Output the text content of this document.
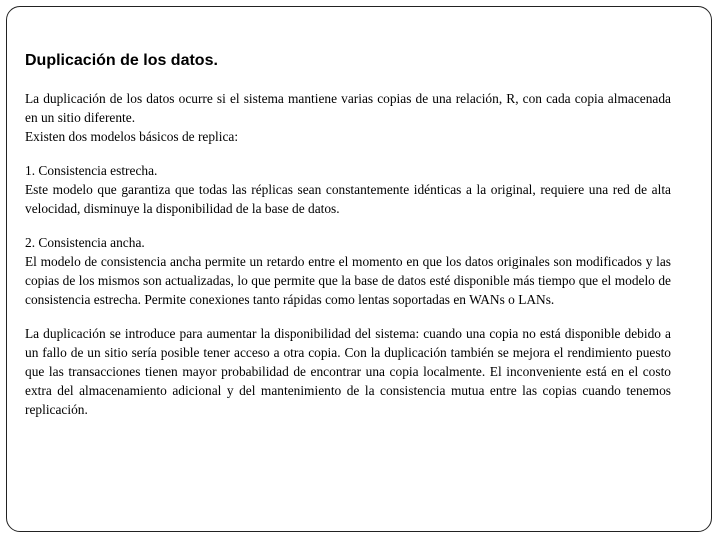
Duplicación de los datos.

La duplicación de los datos ocurre si el sistema mantiene varias copias de una relación, R, con cada copia almacenada en un sitio diferente.

Existen dos modelos básicos de replica:

1. Consistencia estrecha.

Este modelo que garantiza que todas las réplicas sean constantemente idénticas a la original, requiere una red de alta velocidad, disminuye la disponibilidad de la base de datos.

2. Consistencia ancha.

El modelo de consistencia ancha permite un retardo entre el momento en que los datos originales son modificados y las copias de los mismos son actualizadas, lo que permite que la base de datos esté disponible más tiempo que el modelo de consistencia estrecha. Permite conexiones tanto rápidas como lentas soportadas en WANs o LANs.

La duplicación se introduce para aumentar la disponibilidad del sistema: cuando una copia no está disponible debido a un fallo de un sitio sería posible tener acceso a otra copia. Con la duplicación también se mejora el rendimiento puesto que las transacciones tienen mayor probabilidad de encontrar una copia localmente. El inconveniente está en el costo extra del almacenamiento adicional y del mantenimiento de la consistencia mutua entre las copias cuando tenemos replicación.
